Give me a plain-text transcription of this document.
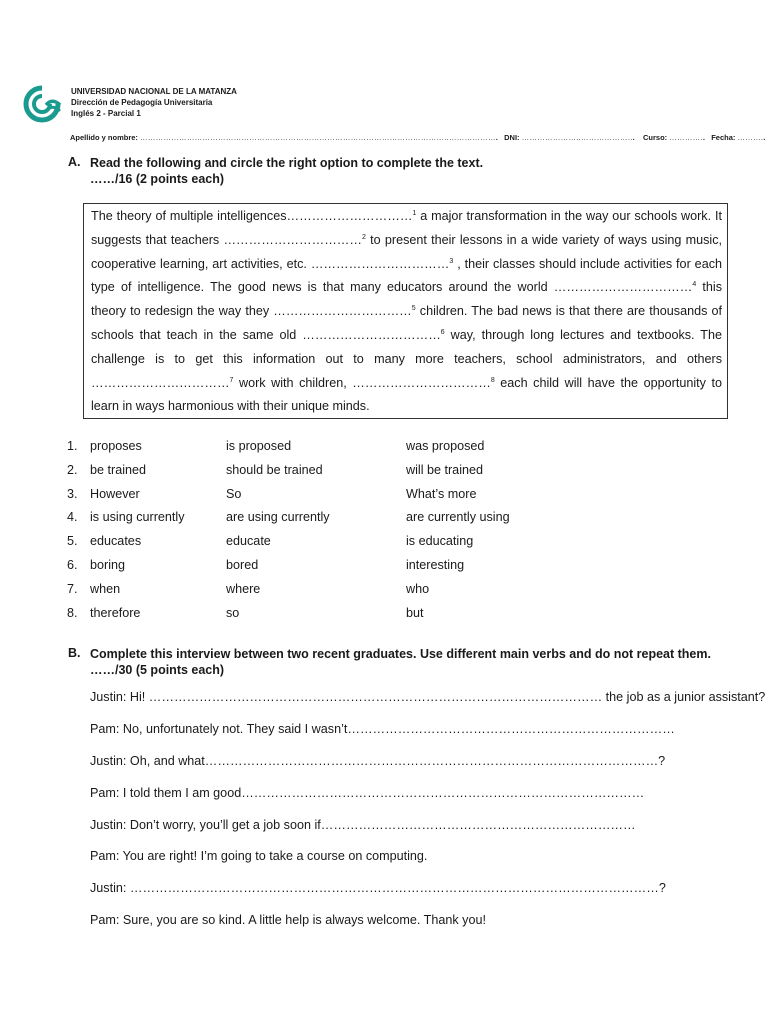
UNIVERSIDAD NACIONAL DE LA MATANZA
Dirección de Pedagogía Universitaria
Inglés 2 - Parcial 1
Apellido y nombre: ………………………………………………………………………………………………………..……………….   DNI: …………………..………………...    Curso: …………..   Fecha: ………..
A. Read the following and circle the right option to complete the text.
……/16 (2 points each)
The theory of multiple intelligences…………………………$^1$ a major transformation in the way our schools work. It suggests that teachers ……………………………$^2$ to present their lessons in a wide variety of ways using music, cooperative learning, art activities, etc. ……………………………$^3$ , their classes should include activities for each type of intelligence. The good news is that many educators around the world ……………………………$^4$ this theory to redesign the way they ……………………………$^5$ children. The bad news is that there are thousands of schools that teach in the same old ……………………………$^6$ way, through long lectures and textbooks. The challenge is to get this information out to many more teachers, school administrators, and others ……………………………$^7$ work with children, ……………………………$^8$ each child will have the opportunity to learn in ways harmonious with their unique minds.
1. proposes	is proposed	was proposed
2. be trained	should be trained	will be trained
3. However	So	What’s more
4. is using currently	are using currently	are currently using
5. educates	educate	is educating
6. boring	bored	interesting
7. when	where	who
8. therefore	so	but
B. Complete this interview between two recent graduates. Use different main verbs and do not repeat them.
……/30 (5 points each)
Justin: Hi! ……………………………………………………………………………………………… the job as a junior assistant?
Pam: No, unfortunately not. They said I wasn’t……………………………………………………………………
Justin: Oh, and what………………………………………………………………………………………………?
Pam: I told them I am good……………………………………………………………………………………
Justin: Don’t worry, you’ll get a job soon if…………………………………………………………………
Pam: You are right! I’m going to take a course on computing.
Justin: ………………………………………………………………………………………………………………?
Pam: Sure, you are so kind. A little help is always welcome. Thank you!
